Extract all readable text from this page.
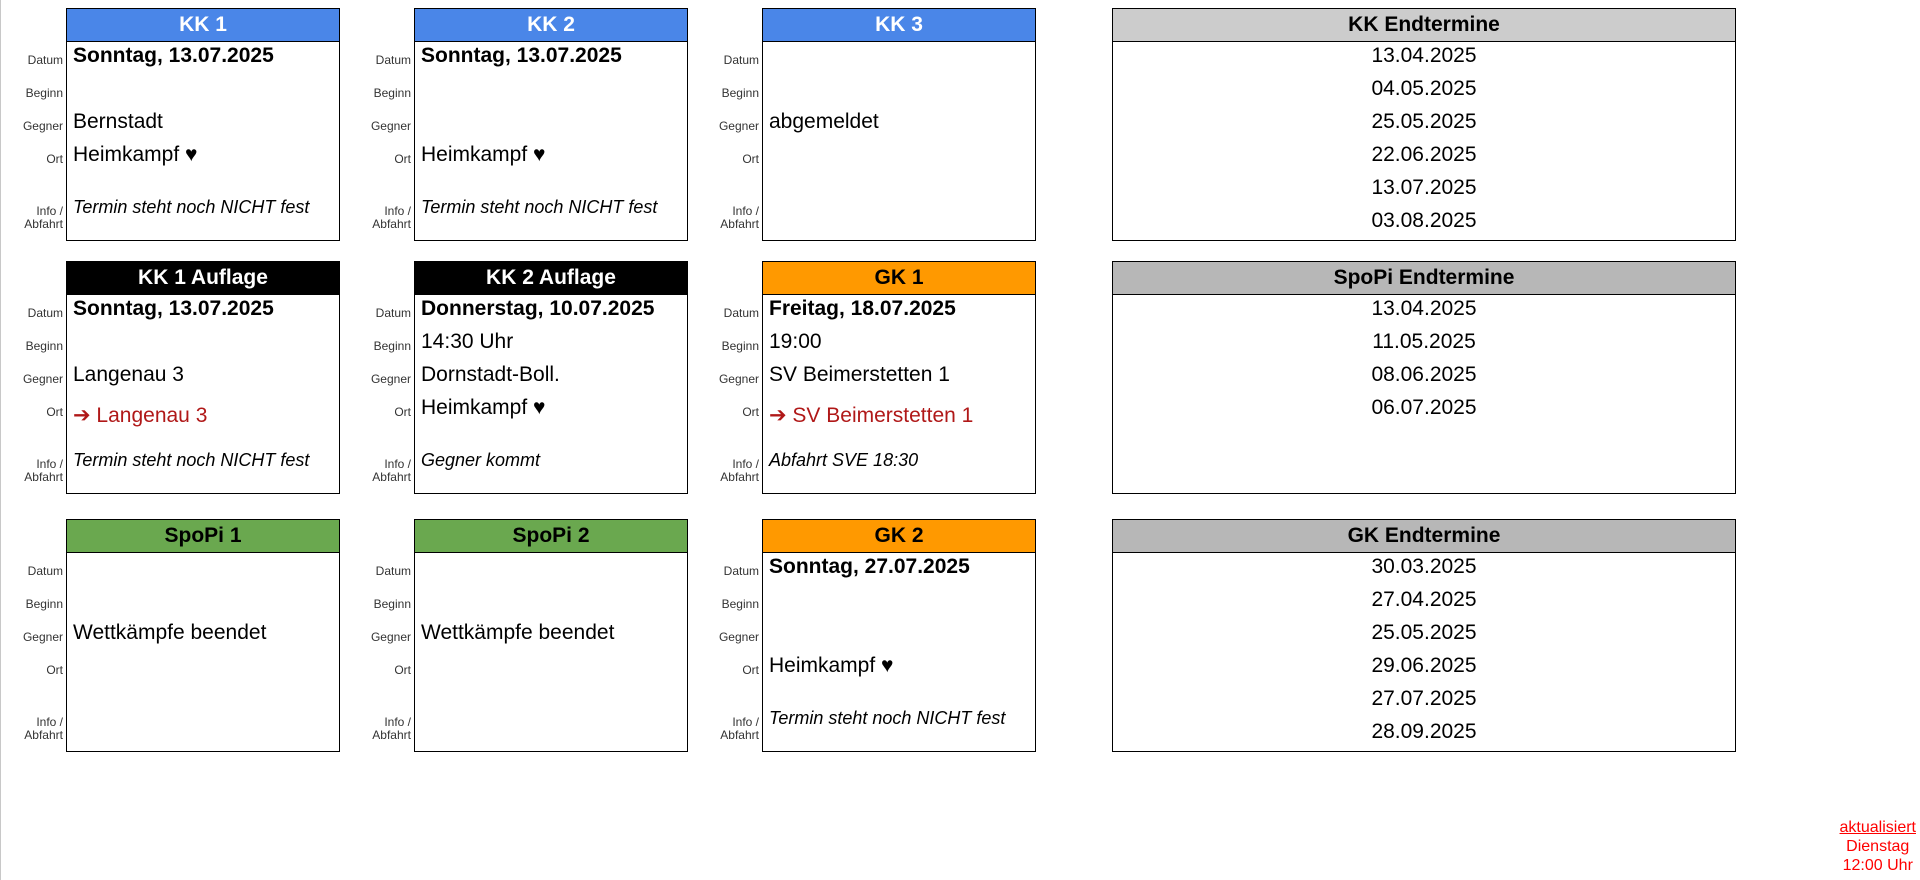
KK 1
Datum Sonntag, 13.07.2025
Beginn
Gegner Bernstadt
Ort Heimkampf ♥
Info /
Abfahrt
Termin steht noch NICHT fest
KK 2
Datum Sonntag, 13.07.2025
Beginn
Gegner
Ort Heimkampf ♥
Info /
Abfahrt
Termin steht noch NICHT fest
KK 3
Datum
Beginn
Gegner abgemeldet
Ort
Info /
Abfahrt
KK 1 Auflage
Datum Sonntag, 13.07.2025
Beginn
Gegner Langenau 3
Ort ➔ Langenau 3
Info /
Abfahrt
Termin steht noch NICHT fest
KK 2 Auflage
Datum Donnerstag, 10.07.2025
Beginn 14:30 Uhr
Gegner Dornstadt-Boll.
Ort Heimkampf ♥
Info /
Abfahrt
Gegner kommt
GK 1
Datum Freitag, 18.07.2025
Beginn 19:00
Gegner SV Beimerstetten 1
Ort ➔ SV Beimerstetten 1
Info /
Abfahrt
Abfahrt SVE 18:30
SpoPi 1
Datum
Beginn
Gegner Wettkämpfe beendet
Ort
Info /
Abfahrt
SpoPi 2
Datum
Beginn
Gegner Wettkämpfe beendet
Ort
Info /
Abfahrt
GK 2
Datum Sonntag, 27.07.2025
Beginn
Gegner
Ort Heimkampf ♥
Info /
Abfahrt
Termin steht noch NICHT fest
KK Endtermine
13.04.2025
04.05.2025
25.05.2025
22.06.2025
13.07.2025
03.08.2025
SpoPi Endtermine
13.04.2025
11.05.2025
08.06.2025
06.07.2025
GK Endtermine
30.03.2025
27.04.2025
25.05.2025
29.06.2025
27.07.2025
28.09.2025
aktualisiert
Dienstag
12:00 Uhr
